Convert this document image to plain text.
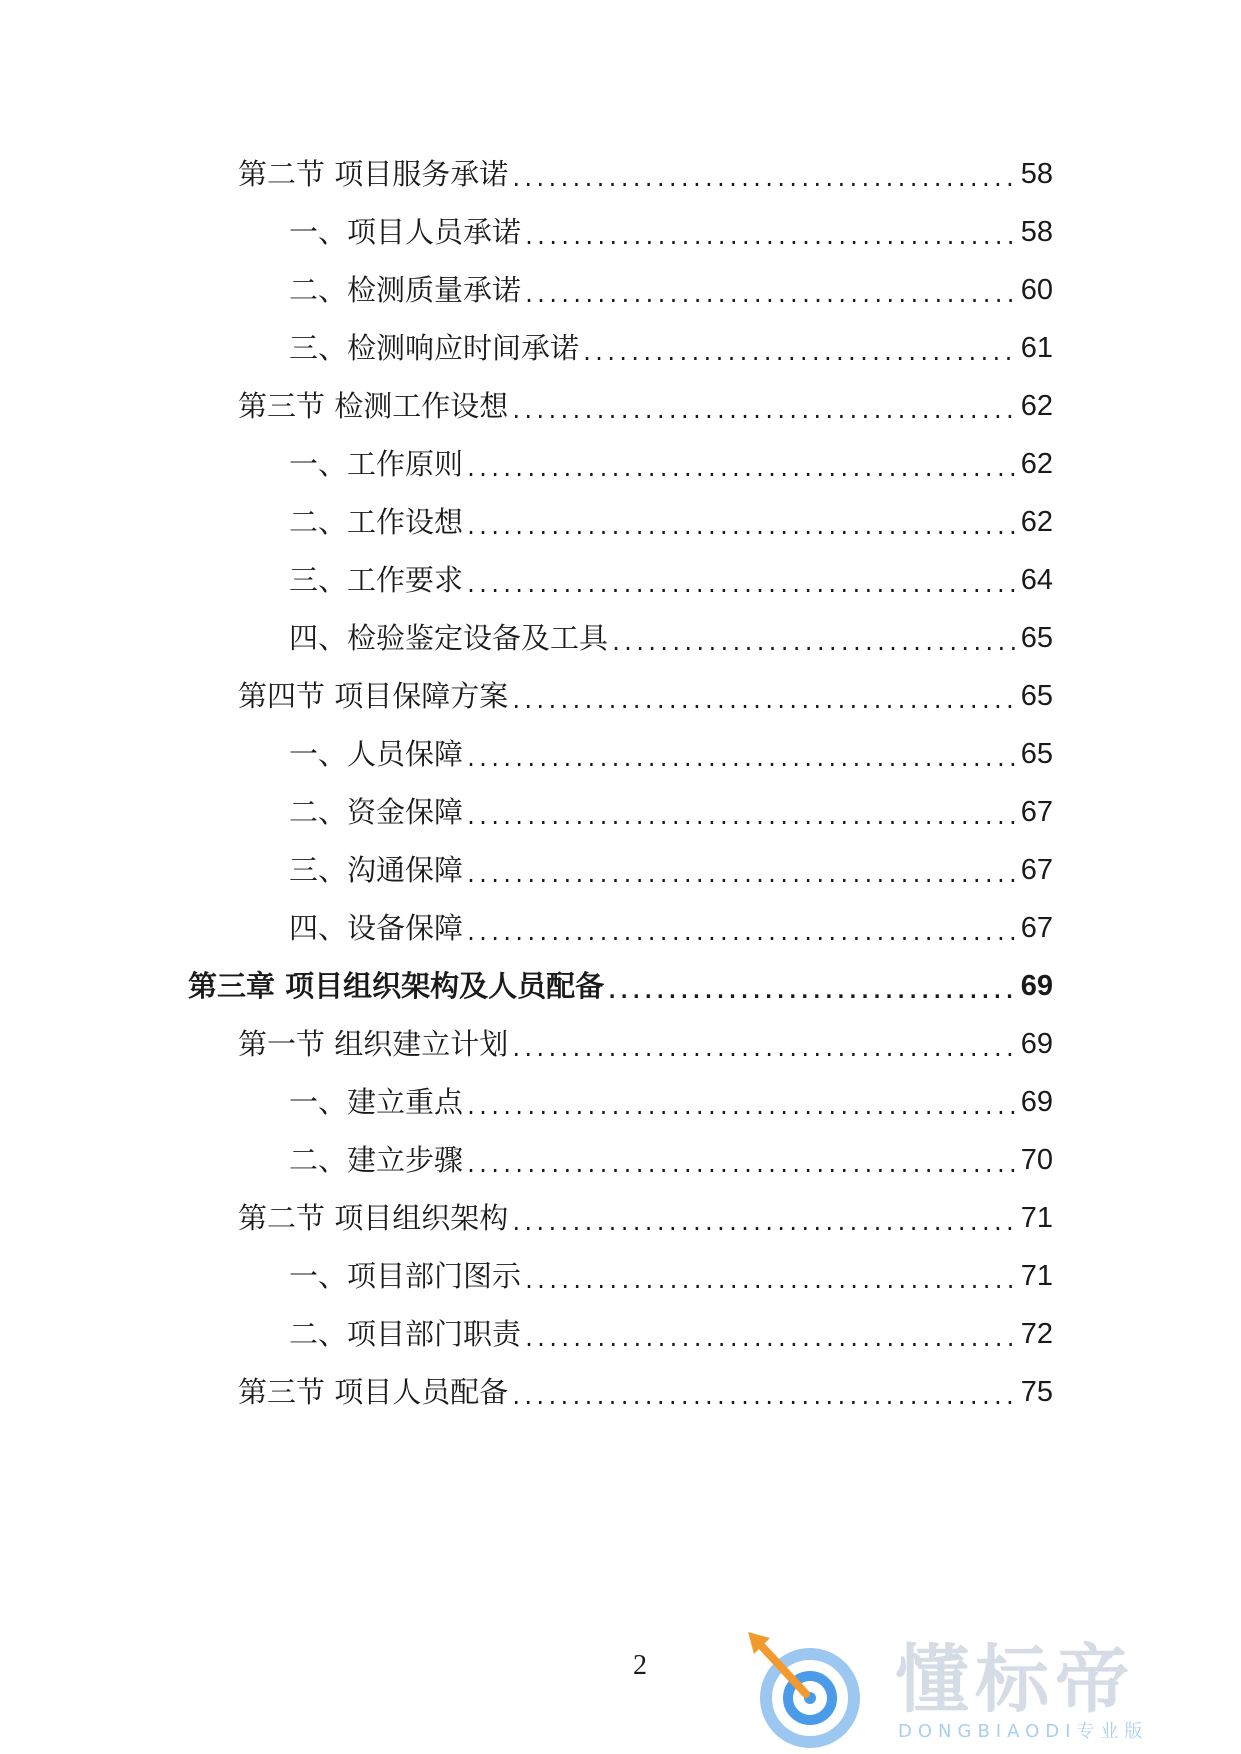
第二节 项目服务承诺 .....	58
一、项目人员承诺 .....	58
二、检测质量承诺 .....	60
三、检测响应时间承诺 .....	61
第三节 检测工作设想 .....	62
一、工作原则 .....	62
二、工作设想 .....	62
三、工作要求 .....	64
四、检验鉴定设备及工具 .....	65
第四节 项目保障方案 .....	65
一、人员保障 .....	65
二、资金保障 .....	67
三、沟通保障 .....	67
四、设备保障 .....	67
第三章 项目组织架构及人员配备 .....	69
第一节 组织建立计划 .....	69
一、建立重点 .....	69
二、建立步骤 .....	70
第二节 项目组织架构 .....	71
一、项目部门图示 .....	71
二、项目部门职责 .....	72
第三节 项目人员配备 .....	75
2	懂标帝
DONGBIAODI专业版
